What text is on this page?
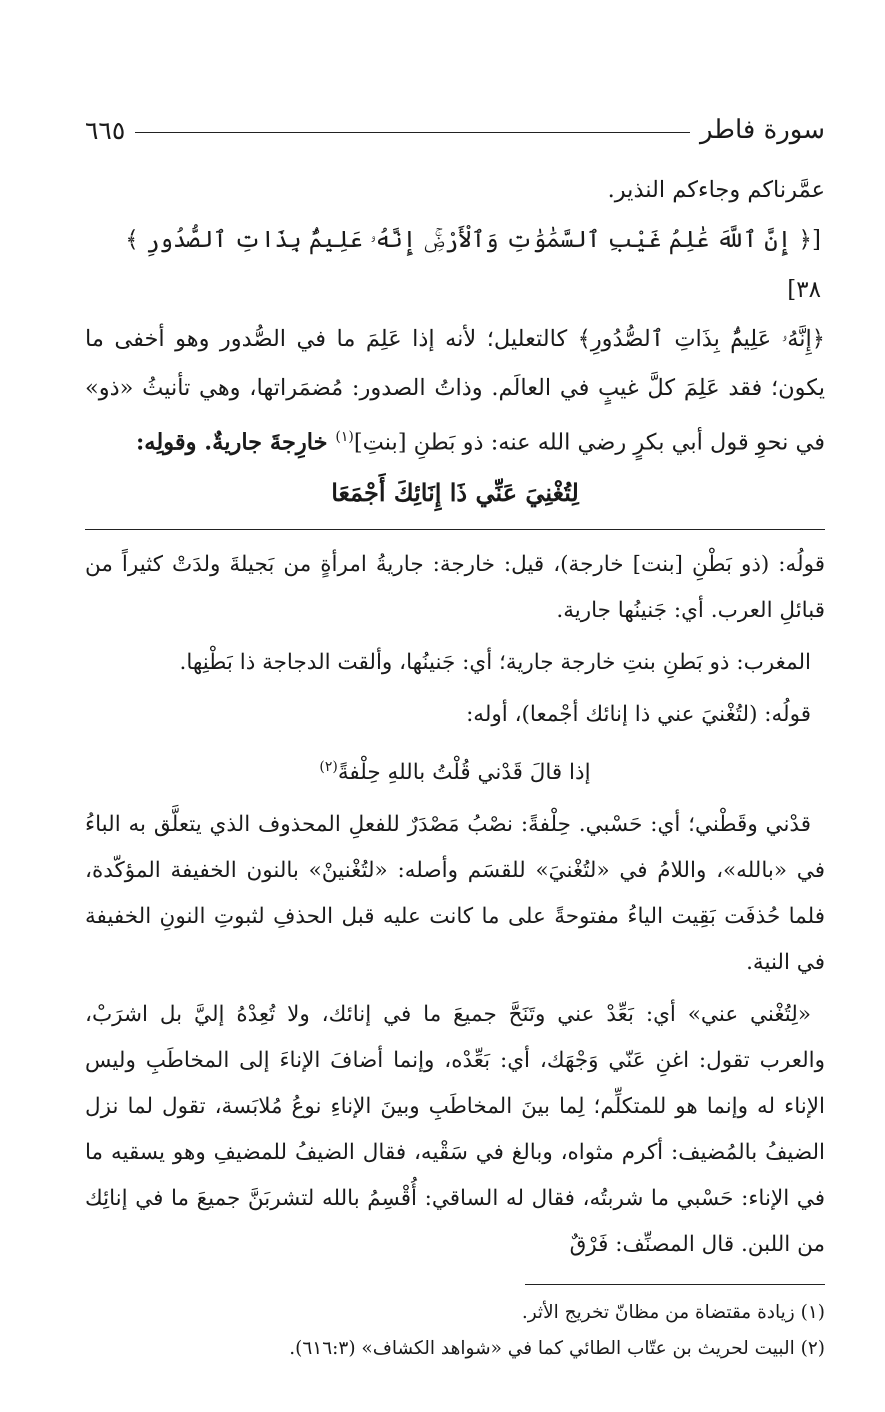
سورة فاطر
٦٦٥

عمَّرناكم وجاءكم النذير.

[﴿ إِنَّ ٱللَّهَ عَٰلِمُ غَيْبِ ٱلسَّمَٰوَٰتِ وَٱلْأَرْضِۚ إِنَّهُۥ عَلِيمٌۢ بِذَاتِ ٱلصُّدُورِ ﴾ ٣٨]

﴿إِنَّهُۥ عَلِيمٌۢ بِذَاتِ ٱلصُّدُورِ﴾ كالتعليل؛ لأنه إذا عَلِمَ ما في الصُّدور وهو أخفى ما يكون؛ فقد عَلِمَ كلَّ غيبٍ في العالَم. وذاتُ الصدور: مُضمَراتها، وهي تأنيثُ «ذو» في نحوِ قول أبي بكرٍ رضي الله عنه: ذو بَطنِ [بنتِ]$^{(١)}$ خارِجةَ جاريةٌ. وقولِه:

لِتُغْنِيَ عَنِّي ذَا إِنَائِكَ أَجْمَعَا

قولُه: (ذو بَطْنِ [بنت] خارجة)، قيل: خارجة: جاريةُ امرأةٍ من بَجيلةَ ولدَتْ كثيراً من قبائلِ العرب. أي: جَنينُها جارية.

المغرب: ذو بَطنِ بنتِ خارجة جارية؛ أي: جَنينُها، وألقت الدجاجة ذا بَطْنِها.

قولُه: (لتُغْنيَ عني ذا إنائك أجْمعا)، أوله:

إذا قالَ قَدْني قُلْتُ باللهِ حِلْفةً$^{(٢)}$

قدْني وقَطْني؛ أي: حَسْبي. حِلْفةً: نصْبُ مَصْدَرٌ للفعلِ المحذوف الذي يتعلَّق به الباءُ في «بالله»، واللامُ في «لتُغْنيَ» للقسَم وأصله: «لتُغْنينْ» بالنون الخفيفة المؤكّدة، فلما حُذفَت بَقِيت الياءُ مفتوحةً على ما كانت عليه قبل الحذفِ لثبوتِ النونِ الخفيفة في النية.

«لِتُغْني عني» أي: بَعِّدْ عني وتَنَحَّ جميعَ ما في إنائك، ولا تُعِدْهُ إليَّ بل اشرَبْ، والعرب تقول: اغنِ عَنّي وَجْهَك، أي: بَعِّدْه، وإنما أضافَ الإناءَ إلى المخاطَبِ وليس الإناء له وإنما هو للمتكلِّم؛ لِما بينَ المخاطَبِ وبينَ الإناءِ نوعُ مُلابَسة، تقول لما نزل الضيفُ بالمُضيف: أكرم مثواه، وبالغ في سَقْيه، فقال الضيفُ للمضيفِ وهو يسقيه ما في الإناء: حَسْبي ما شربتُه، فقال له الساقي: أُقْسِمُ بالله لتشربَنَّ جميعَ ما في إنائِك من اللبن. قال المصنِّف: فَرْقٌ

(١) زيادة مقتضاة من مظانّ تخريج الأثر.

(٢) البيت لحريث بن عتّاب الطائي كما في «شواهد الكشاف» (٦١٦:٣).
